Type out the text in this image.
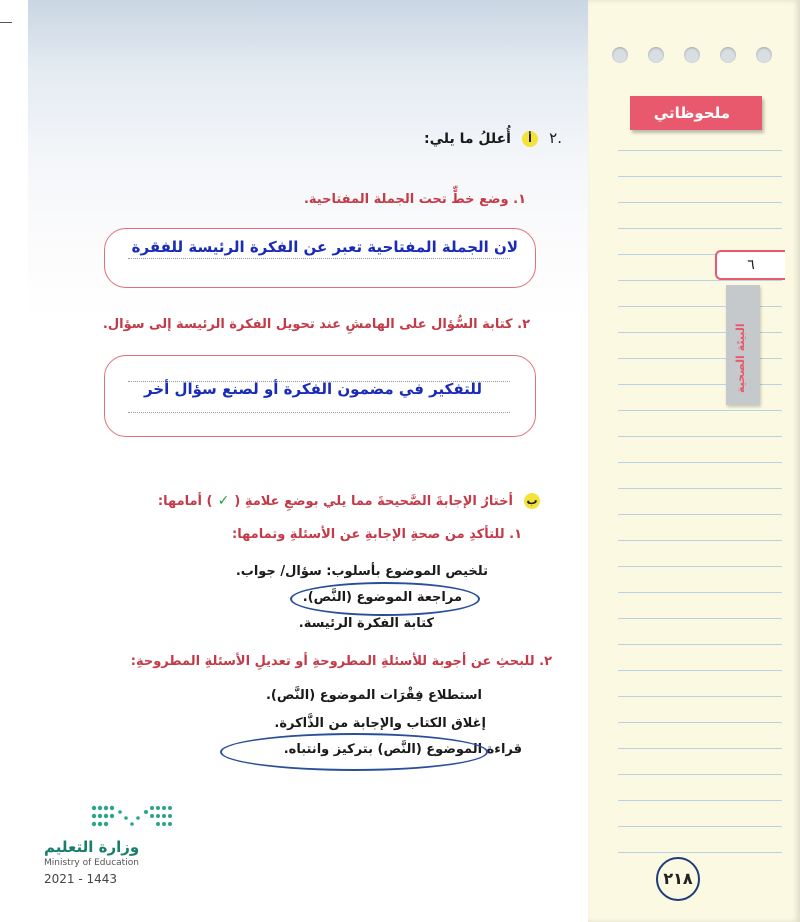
.٢ أ أُعللُ ما يلي:
١. وضع خطٍّ تحت الجملة المفتاحية.
لان الجملة المفتاحية تعبر عن الفكرة الرئيسة للفقرة
٢. كتابة السُّؤال على الهامشِ عند تحويل الفكرة الرئيسة إلى سؤال.
للتفكير في مضمون الفكرة أو لصنع سؤال أخر
ب أختارُ الإجابةَ الصَّحيحةَ مما يلي بوضعِ علامةِ ( ✓ ) أمامها:
١. للتأكدِ من صحةِ الإجابةِ عن الأسئلةِ وتمامها:
تلخيص الموضوع بأسلوب: سؤال/ جواب.
مراجعة الموضوع (النَّص).
كتابة الفكرة الرئيسة.
٢. للبحثِ عن أجوبة للأسئلةِ المطروحةِ أو تعديلِ الأسئلةِ المطروحةِ:
استطلاع فِقْرَات الموضوع (النَّص).
إغلاق الكتاب والإجابة من الذَّاكرة.
قراءة الموضوع (النَّص) بتركيز وانتباه.
وزارة التعليم
Ministry of Education
2021 - 1443
ملحوظاتي
٦
البيئة الصحية
٢١٨
